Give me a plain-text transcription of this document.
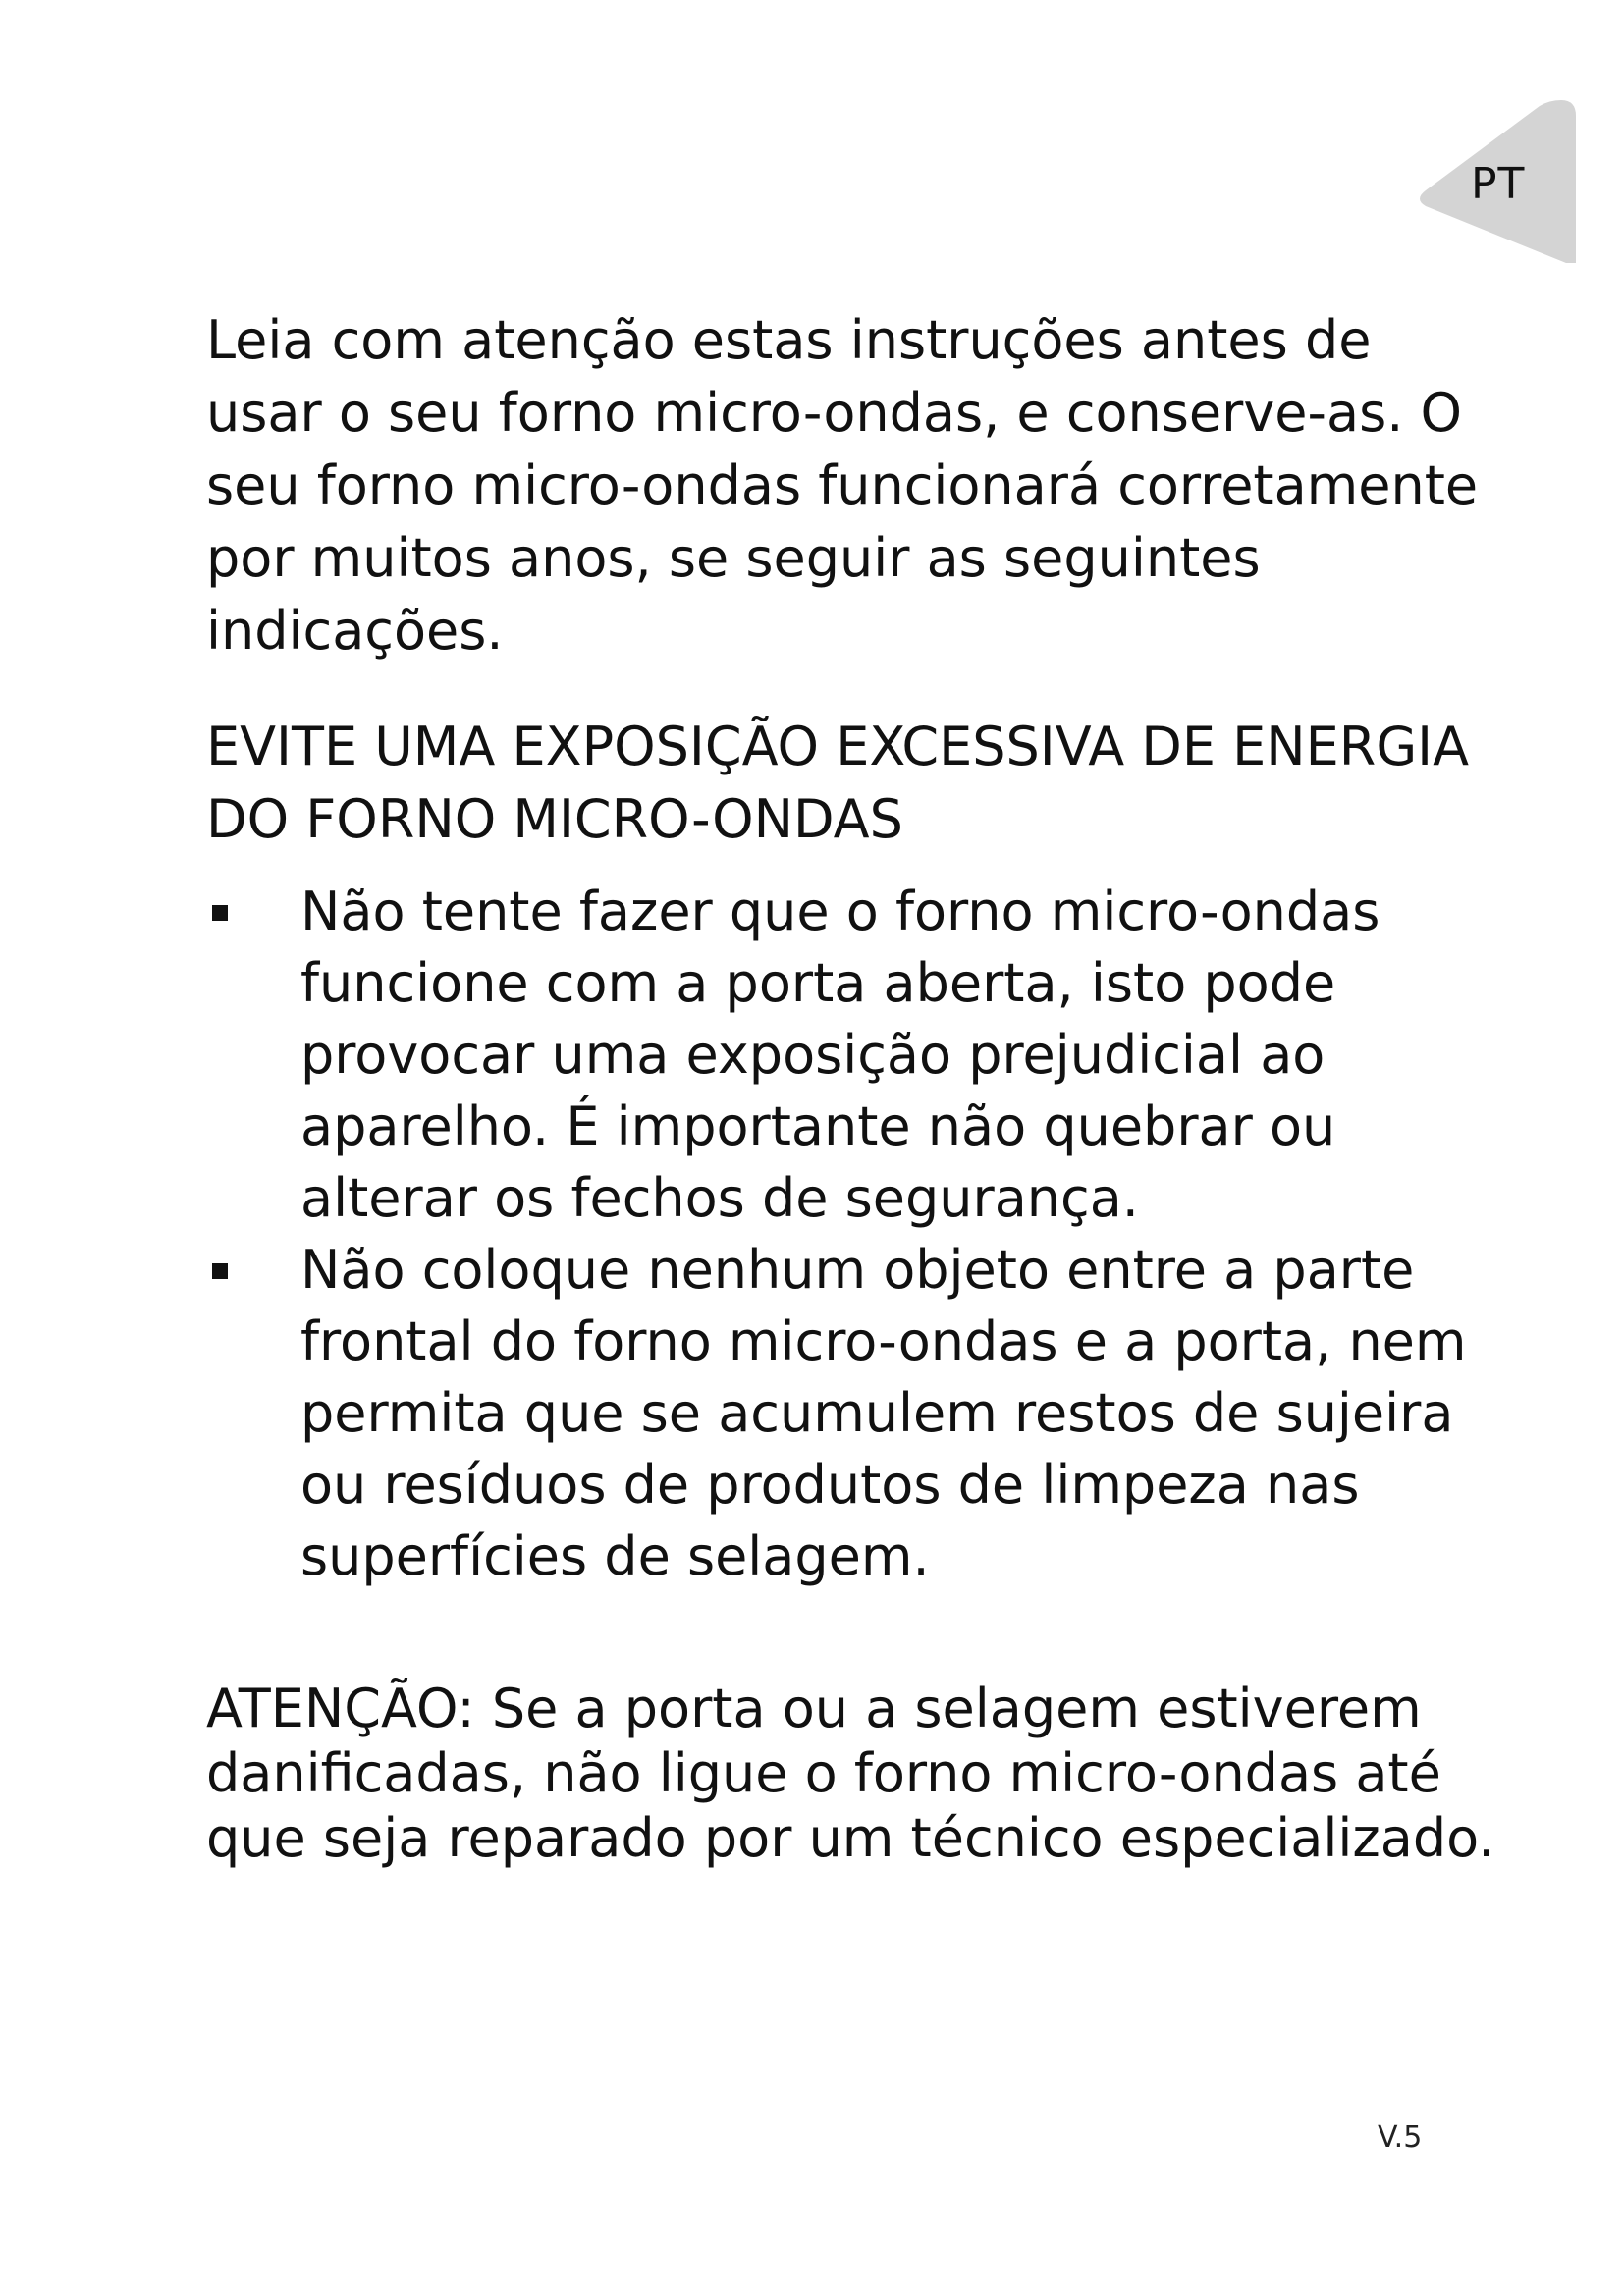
PT

Leia com atenção estas instruções antes de usar o seu forno micro-ondas, e conserve-as. O seu forno micro-ondas funcionará corretamente por muitos anos, se seguir as seguintes indicações.

EVITE UMA EXPOSIÇÃO EXCESSIVA DE ENERGIA DO FORNO MICRO-ONDAS

Não tente fazer que o forno micro-ondas funcione com a porta aberta, isto pode provocar uma exposição prejudicial ao aparelho. É importante não quebrar ou alterar os fechos de segurança.
Não coloque nenhum objeto entre a parte frontal do forno micro-ondas e a porta, nem permita que se acumulem restos de sujeira ou resíduos de produtos de limpeza nas superfícies de selagem.

ATENÇÃO: Se a porta ou a selagem estiverem danificadas, não ligue o forno micro-ondas até que seja reparado por um técnico especializado.

V.5
